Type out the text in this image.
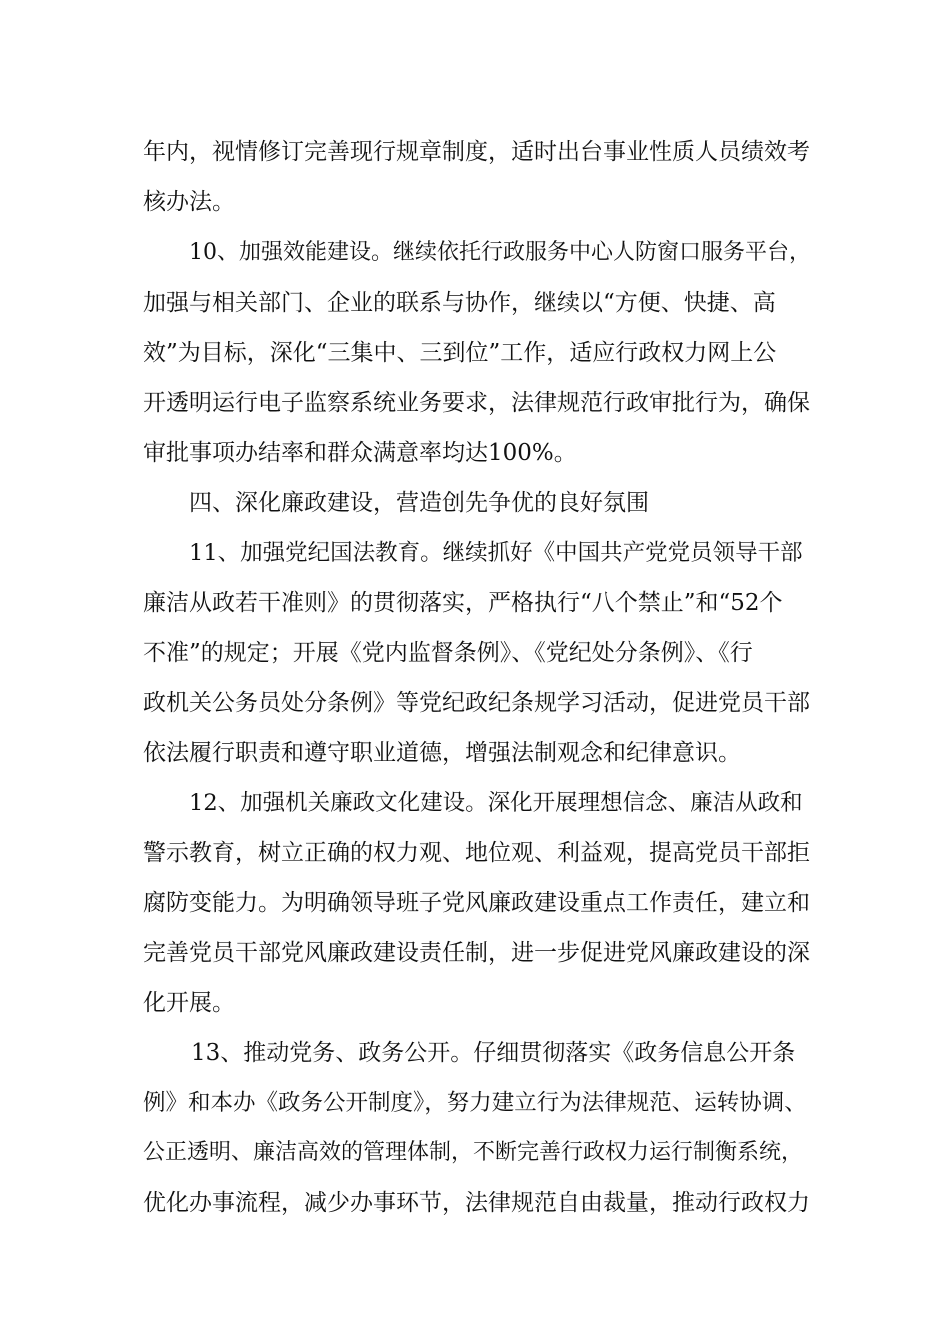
年内，视情修订完善现行规章制度，适时出台事业性质人员绩效考
核办法。
10、加强效能建设。继续依托行政服务中心人防窗口服务平台，
加强与相关部门、企业的联系与协作，继续以“方便、快捷、高
效”为目标，深化“三集中、三到位”工作，适应行政权力网上公
开透明运行电子监察系统业务要求，法律规范行政审批行为，确保
审批事项办结率和群众满意率均达100%。
四、深化廉政建设，营造创先争优的良好氛围
11、加强党纪国法教育。继续抓好《中国共产党党员领导干部
廉洁从政若干准则》的贯彻落实，严格执行“八个禁止”和“52个
不准”的规定；开展《党内监督条例》、《党纪处分条例》、《行
政机关公务员处分条例》等党纪政纪条规学习活动，促进党员干部
依法履行职责和遵守职业道德，增强法制观念和纪律意识。
12、加强机关廉政文化建设。深化开展理想信念、廉洁从政和
警示教育，树立正确的权力观、地位观、利益观，提高党员干部拒
腐防变能力。为明确领导班子党风廉政建设重点工作责任，建立和
完善党员干部党风廉政建设责任制，进一步促进党风廉政建设的深
化开展。
13、推动党务、政务公开。仔细贯彻落实《政务信息公开条
例》和本办《政务公开制度》，努力建立行为法律规范、运转协调、
公正透明、廉洁高效的管理体制，不断完善行政权力运行制衡系统，
优化办事流程，减少办事环节，法律规范自由裁量，推动行政权力
